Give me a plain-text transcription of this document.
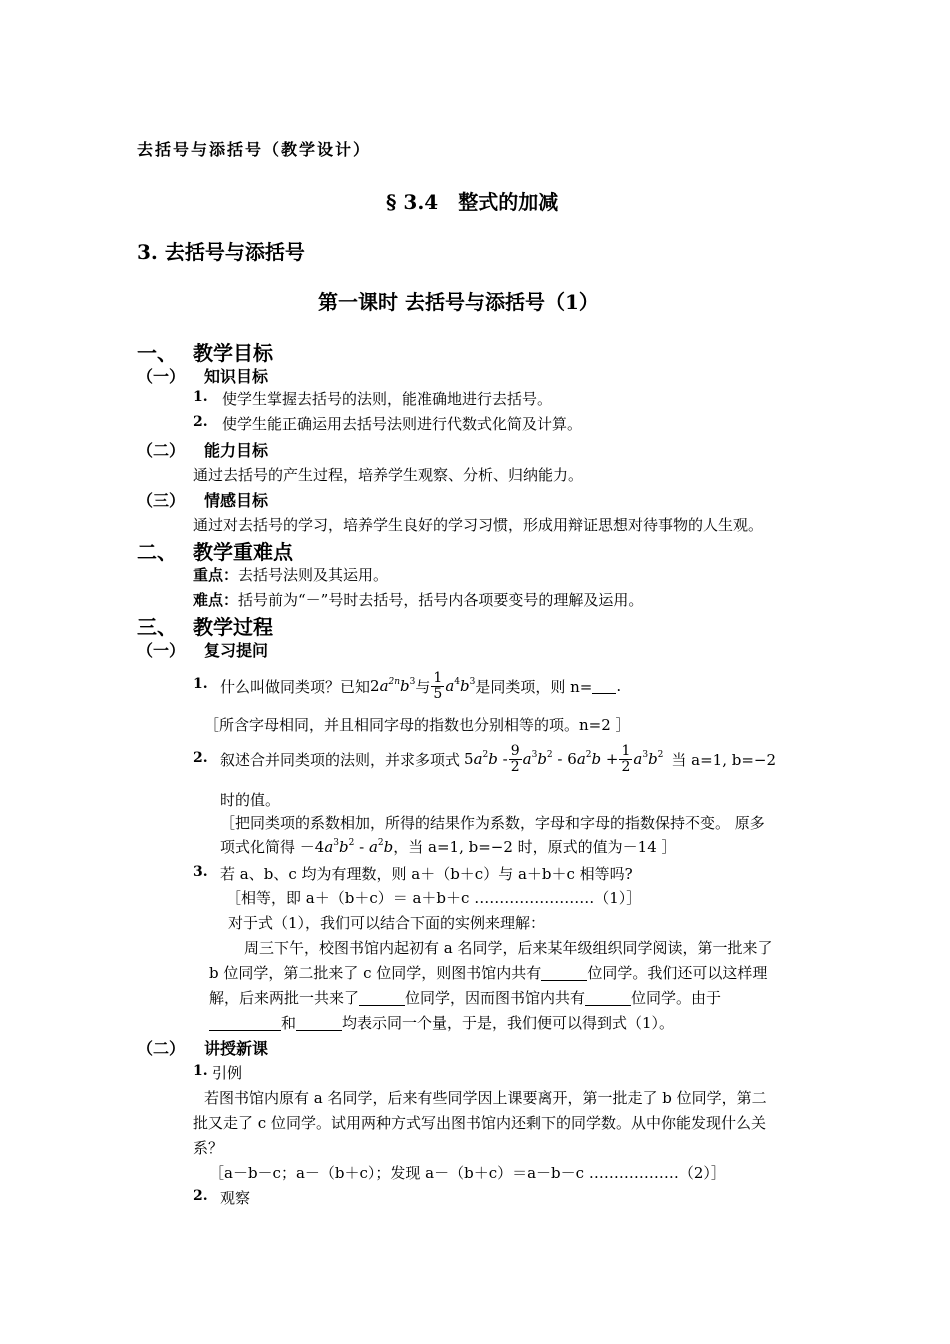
去括号与添括号（教学设计）
§ 3.4　整式的加减
3. 去括号与添括号
第一课时 去括号与添括号（1）
一、 教学目标
（一） 知识目标
1. 使学生掌握去括号的法则，能准确地进行去括号。
2. 使学生能正确运用去括号法则进行代数式化简及计算。
（二） 能力目标
通过去括号的产生过程，培养学生观察、分析、归纳能力。
（三） 情感目标
通过对去括号的学习，培养学生良好的学习习惯，形成用辩证思想对待事物的人生观。
二、 教学重难点
重点：去括号法则及其运用。
难点：括号前为“－”号时去括号，括号内各项要变号的理解及运用。
三、 教学过程
（一） 复习提问
1. 什么叫做同类项？已知 $2a^{2n}b^3$ 与 $\frac{1}{5} a^4b^3$ 是同类项，则 n= .
［所含字母相同，并且相同字母的指数也分别相等的项。n=2 ］
2. 叙述合并同类项的法则，并求多项式 $5a^2b - \frac{9}{2} a^3b^2 - 6a^2b + \frac{1}{2} a^3b^2$ 当 a=1, b=−2
时的值。
［把同类项的系数相加，所得的结果作为系数，字母和字母的指数保持不变。 原多
项式化简得 $-4a^3b^2 - a^2b$，当 a=1, b=−2 时，原式的值为－14 ］
3. 若 a、b、c 均为有理数，则 a＋（b＋c）与 a＋b＋c 相等吗?
［相等，即 a＋（b＋c）＝ a＋b＋c ……………………（1）］
对于式（1），我们可以结合下面的实例来理解：
周三下午，校图书馆内起初有 a 名同学，后来某年级组织同学阅读，第一批来了
b 位同学，第二批来了 c 位同学，则图书馆内共有	位同学。我们还可以这样理
解，后来两批一共来了	位同学，因而图书馆内共有	位同学。由于
和	均表示同一个量，于是，我们便可以得到式（1）。
（二） 讲授新课
1. 引例
若图书馆内原有 a 名同学，后来有些同学因上课要离开，第一批走了 b 位同学，第二
批又走了 c 位同学。试用两种方式写出图书馆内还剩下的同学数。从中你能发现什么关
系？
［a－b－c；a－（b＋c）；发现 a－（b＋c）＝a－b－c ………………（2）］
2. 观察
